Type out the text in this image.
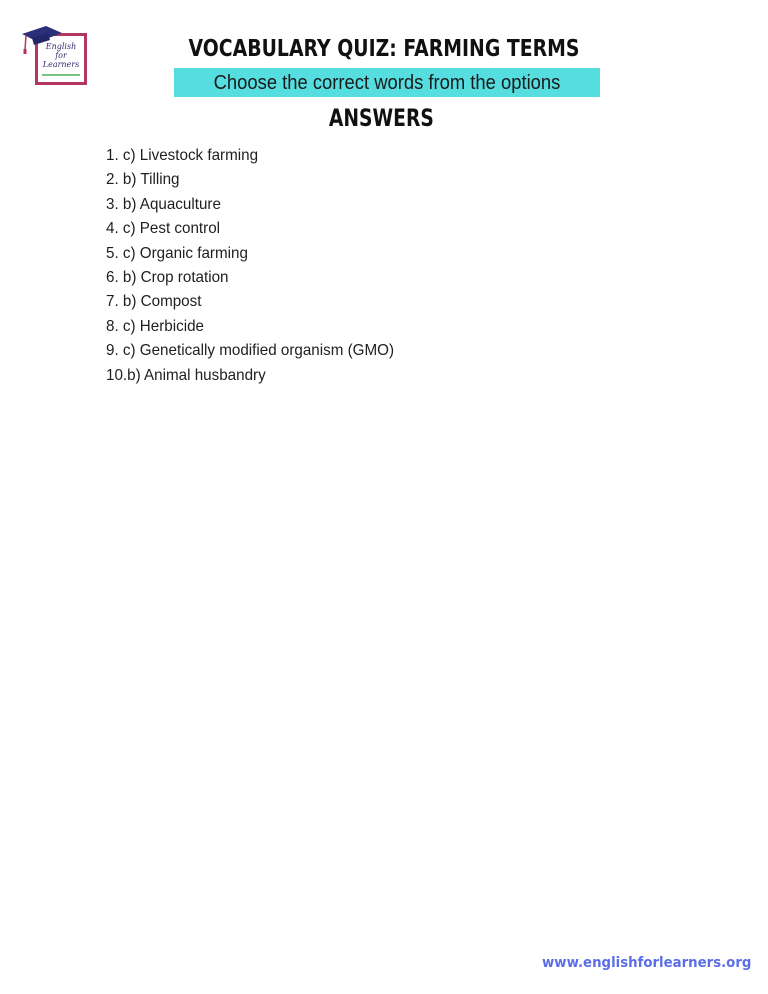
English
for
Learners
VOCABULARY QUIZ: FARMING TERMS
Choose the correct words from the options
ANSWERS
1. c) Livestock farming
2. b) Tilling
3. b) Aquaculture
4. c) Pest control
5. c) Organic farming
6. b) Crop rotation
7. b) Compost
8. c) Herbicide
9. c) Genetically modified organism (GMO)
10.b) Animal husbandry
www.englishforlearners.org
